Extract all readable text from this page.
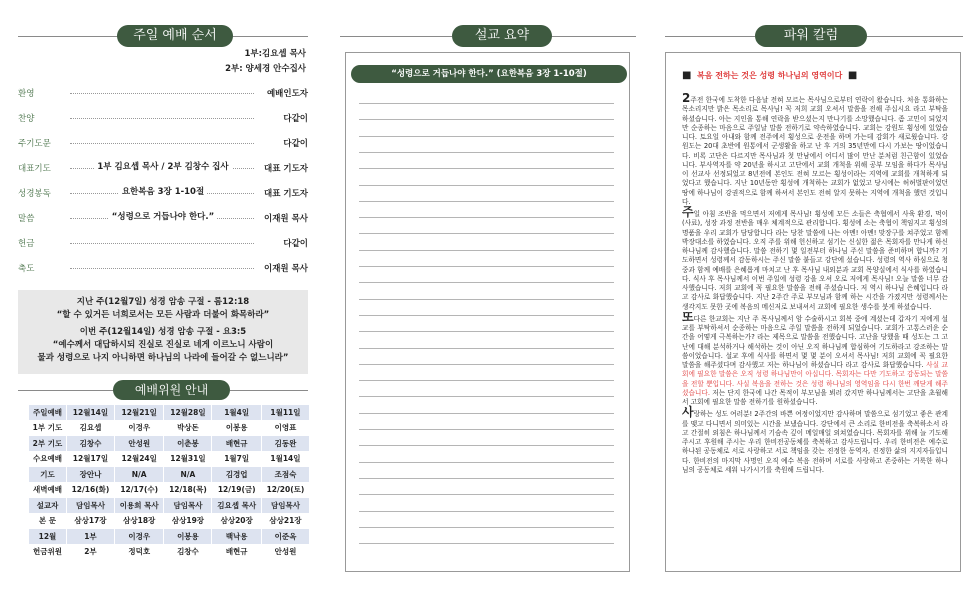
주일 예배 순서
1부:김요셉 목사
2부: 양세경 안수집사
환영	예배인도자
찬양	다같이
주기도문	다같이
대표기도	1부 김요셉 목사 / 2부 김창수 집사	대표 기도자
성경봉독	요한복음 3장 1-10절	대표 기도자
말씀	“성령으로 거듭나야 한다.”	이재원 목사
헌금	다같이
축도	이재원 목사
지난 주(12월7일) 성경 암송 구절 - 롬12:18
“할 수 있거든 너희로서는 모든 사람과 더불어 화목하라”
이번 주(12월14일) 성경 암송 구절 - 요3:5
“예수께서 대답하시되 진실로 진실로 네게 이르노니 사람이
물과 성령으로 나지 아니하면 하나님의 나라에 들어갈 수 없느니라”
예배위원 안내
주일예배	12월14일	12월21일	12월28일	1월4일	1월11일
1부 기도	김요셉	이경우	박상돈	이봉용	이영표
2부 기도	김창수	안성원	이춘봉	배현규	김동완
수요예배	12월17일	12월24일	12월31일	1월7일	1월14일
기도	장안나	N/A	N/A	김경업	조점숙
새벽예배	12/16(화)	12/17(수)	12/18(목)	12/19(금)	12/20(토)
설교자	담임목사	이용희 목사	담임목사	김요셉 목사	담임목사
본 문	삼상17장	삼상18장	삼상19장	삼상20장	삼상21장
12월	1부	이경우	이봉용	백낙용	이준옥
헌금위원	2부	정덕호	김창수	배현규	안성원
설교 요약
“성령으로 거듭나야 한다.” (요한복음 3장 1-10절)
파워 칼럼
■ 복음 전하는 것은 성령 하나님의 영역이다 ■

2주전 한국에 도착한 다음날 전혀 모르는 목사님으로부터 연락이 왔습니다. 처음 통화하는 목소리지만 밝은 목소리로 목사님! 꼭 저희 교회 오셔서 말씀을 전해 주십시요 라고 부탁을 하셨습니다. 아는 지인을 통해 연락을 받으셨는지 만나기를 소망했습니다. 좀 고민이 되었지만 순종하는 마음으로 주일날 말씀 전하기로 약속하였습니다. 교회는 강원도 횡성에 있었습니다. 토요일 아내와 함께 전주에서 횡성으로 운전을 하며 가는데 감회가 새로웠습니다. 강원도는 20대 초반에 원통에서 군생활을 하고 난 후 거의 35년만에 다시 가보는 땅이었습니다. 비록 고단은 다르지만 목사님과 첫 만남에서 어디서 많이 만난 분처럼 친근함이 있었습니다. 부사역자를 약 20년을 하시고 고단에서 교회 개척을 위해 공부 모임을 하다가 목사님이 선교사 선정되었고 8년전에 본인도 전혀 모르는 횡성이라는 지역에 교회를 개척하게 되었다고 했습니다. 지난 10년동안 횡성에 개척하는 교회가 없었고 당시에는 허허벌판이었던 땅에 하나님이 강권적으로 함께 하셔서 본인도 전혀 알지 못하는 지역에 개척을 했던 것입니다.

주일 아침 조반을 먹으면서 저에게 목사님! 횡성에 모든 소들은 축협에서 사육 환경, 먹이(사료), 성장 과정 전반을 매우 체계적으로 관리합니다. 횡성에 소는 축협이 책임지고 횡성의 명품을 우리 교회가 담당합니다 라는 당찬 말씀에 나는 아멘! 아멘! 맞장구를 쳐주었고 함께 박장대소를 하였습니다. 오직 주를 위해 헌신하고 섬기는 신실한 젊은 목회자를 만나게 하신 하나님께 감사했습니다. 말씀 전하기 몇 일전부터 하나님 주신 말씀을 준비하며 합니까? 기도하면서 성령께서 감동하시는 주신 말씀 붙들고 강단에 섰습니다. 성령의 역사 하심으로 청중과 함께 예배를 은혜롭게 마치고 난 후 목사님 내외분과 교회 목양실에서 식사를 하였습니다. 식사 후 목사님께서 이번 주일에 성령 강을 오셔 오로 저에게 목사님! 오늘 말씀 너무 감사했습니다. 저희 교회에 꼭 필요한 말씀을 전해 주셨습니다. 저 역시 하나님 은혜입니다 라고 감사로 화답했습니다. 지난 2주간 주로 부모님과 함께 하는 시간을 가졌지만 성령께서는 생각지도 못한 곳에 복음의 메신저로 보내셔서 교회에 필요한 생수를 붓게 하셨습니다.

또다른 한교회는 지난 주 목사님께서 암 수술하시고 회복 중에 계셨는데 갑자기 저에게 설교를 부탁하셔서 순종하는 마음으로 주일 말씀을 전하게 되었습니다. 교회가 고통스러운 순간을 어떻게 극복하는가? 라는 제목으로 말씀을 전했습니다. 고난을 당했을 때 성도는 그 고난에 대해 분석하거나 해석하는 것이 아닌 오직 하나님께 합심하여 기도하라고 강조하는 말씀이었습니다. 설교 후에 식사를 하면서 몇 몇 분이 오셔서 목사님! 저희 교회에 꼭 필요한 말씀을 해주셨다며 감사했고 저는 하나님이 하셨습니다 라고 감사로 화답했습니다. 사실 교회에 필요한 말씀은 오직 성령 하나님만이 아십니다. 목회자는 다만 기도하고 감동되는 말씀을 전할 뿐입니다. 사실 복음을 전하는 것은 성령 하나님의 영역임을 다시 한번 깨닫게 해주셨습니다. 저는 단지 한국에 나간 목적이 부모님을 뵈러 갔지만 하나님께서는 고단을 초월해서 고회에 필요한 말씀 전하기를 원하셨습니다.

사랑하는 성도 여러분! 2주간의 바쁜 여정이었지만 감사하며 말씀으로 섬기었고 좋은 관계를 맺고 다니면서 의미있는 시간을 보냈습니다. 강단에서 큰 소리로 한비전을 축복하소서 라고 간절히 외침은 하나님께서 기슴속 깊이 메일매일 외쳐였습니다. 목회자를 위해 늘 기도해 주시고 후원해 주시는 우리 한비전공동체를 축복하고 감사드립니다. 우리 한비전은 예수로 하나된 공동체로 서로 사랑하고 서로 책임을 갖는 진정한 동역자, 진정한 삶의 지지자들입니다. 한비전의 마지막 사명인 오직 예수 복음 전하며 서로를 사랑하고 존중하는 거룩한 하나님의 공동체로 세워 나가시기를 축원해 드립니다.
